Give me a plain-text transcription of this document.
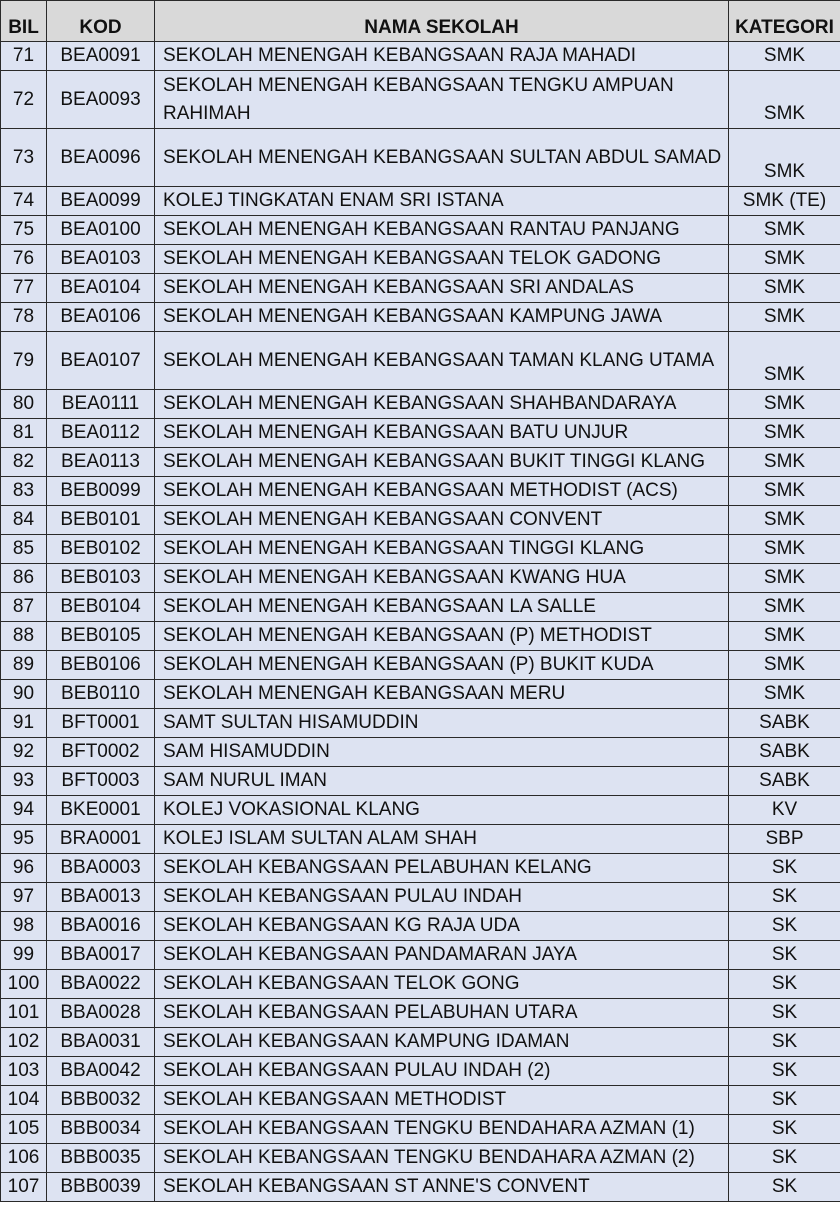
BIL	KOD	NAMA SEKOLAH	KATEGORI
71	BEA0091	SEKOLAH MENENGAH KEBANGSAAN RAJA MAHADI	SMK
72	BEA0093	SEKOLAH MENENGAH KEBANGSAAN TENGKU AMPUAN RAHIMAH	SMK
73	BEA0096	SEKOLAH MENENGAH KEBANGSAAN SULTAN ABDUL SAMAD	SMK
74	BEA0099	KOLEJ TINGKATAN ENAM SRI ISTANA	SMK (TE)
75	BEA0100	SEKOLAH MENENGAH KEBANGSAAN RANTAU PANJANG	SMK
76	BEA0103	SEKOLAH MENENGAH KEBANGSAAN TELOK GADONG	SMK
77	BEA0104	SEKOLAH MENENGAH KEBANGSAAN SRI ANDALAS	SMK
78	BEA0106	SEKOLAH MENENGAH KEBANGSAAN KAMPUNG JAWA	SMK
79	BEA0107	SEKOLAH MENENGAH KEBANGSAAN TAMAN KLANG UTAMA	SMK
80	BEA0111	SEKOLAH MENENGAH KEBANGSAAN SHAHBANDARAYA	SMK
81	BEA0112	SEKOLAH MENENGAH KEBANGSAAN BATU UNJUR	SMK
82	BEA0113	SEKOLAH MENENGAH KEBANGSAAN BUKIT TINGGI KLANG	SMK
83	BEB0099	SEKOLAH MENENGAH KEBANGSAAN METHODIST (ACS)	SMK
84	BEB0101	SEKOLAH MENENGAH KEBANGSAAN CONVENT	SMK
85	BEB0102	SEKOLAH MENENGAH KEBANGSAAN TINGGI KLANG	SMK
86	BEB0103	SEKOLAH MENENGAH KEBANGSAAN KWANG HUA	SMK
87	BEB0104	SEKOLAH MENENGAH KEBANGSAAN LA SALLE	SMK
88	BEB0105	SEKOLAH MENENGAH KEBANGSAAN (P) METHODIST	SMK
89	BEB0106	SEKOLAH MENENGAH KEBANGSAAN (P) BUKIT KUDA	SMK
90	BEB0110	SEKOLAH MENENGAH KEBANGSAAN MERU	SMK
91	BFT0001	SAMT SULTAN HISAMUDDIN	SABK
92	BFT0002	SAM HISAMUDDIN	SABK
93	BFT0003	SAM NURUL IMAN	SABK
94	BKE0001	KOLEJ VOKASIONAL KLANG	KV
95	BRA0001	KOLEJ ISLAM SULTAN ALAM SHAH	SBP
96	BBA0003	SEKOLAH KEBANGSAAN PELABUHAN KELANG	SK
97	BBA0013	SEKOLAH KEBANGSAAN PULAU INDAH	SK
98	BBA0016	SEKOLAH KEBANGSAAN KG RAJA UDA	SK
99	BBA0017	SEKOLAH KEBANGSAAN PANDAMARAN JAYA	SK
100	BBA0022	SEKOLAH KEBANGSAAN TELOK GONG	SK
101	BBA0028	SEKOLAH KEBANGSAAN PELABUHAN UTARA	SK
102	BBA0031	SEKOLAH KEBANGSAAN KAMPUNG IDAMAN	SK
103	BBA0042	SEKOLAH KEBANGSAAN PULAU INDAH (2)	SK
104	BBB0032	SEKOLAH KEBANGSAAN METHODIST	SK
105	BBB0034	SEKOLAH KEBANGSAAN TENGKU BENDAHARA AZMAN (1)	SK
106	BBB0035	SEKOLAH KEBANGSAAN TENGKU BENDAHARA AZMAN (2)	SK
107	BBB0039	SEKOLAH KEBANGSAAN ST ANNE'S CONVENT	SK
